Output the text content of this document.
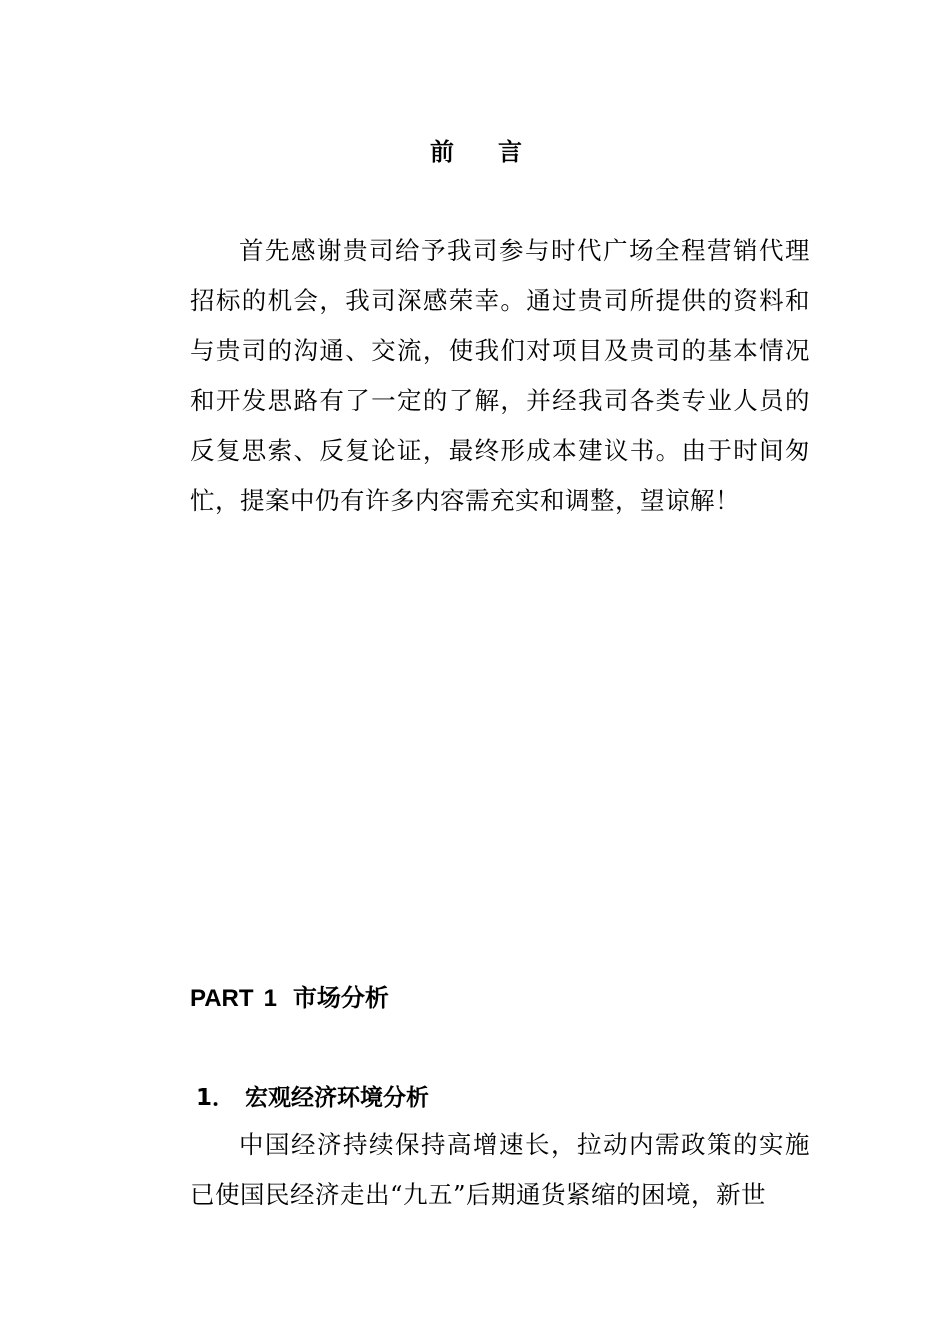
前言

首先感谢贵司给予我司参与时代广场全程营销代理招标的机会，我司深感荣幸。通过贵司所提供的资料和与贵司的沟通、交流，使我们对项目及贵司的基本情况和开发思路有了一定的了解，并经我司各类专业人员的反复思索、反复论证，最终形成本建议书。由于时间匆忙，提案中仍有许多内容需充实和调整，望谅解！

PART 1 市场分析
1． 宏观经济环境分析

中国经济持续保持高增速长，拉动内需政策的实施已使国民经济走出“九五”后期通货紧缩的困境，新世
